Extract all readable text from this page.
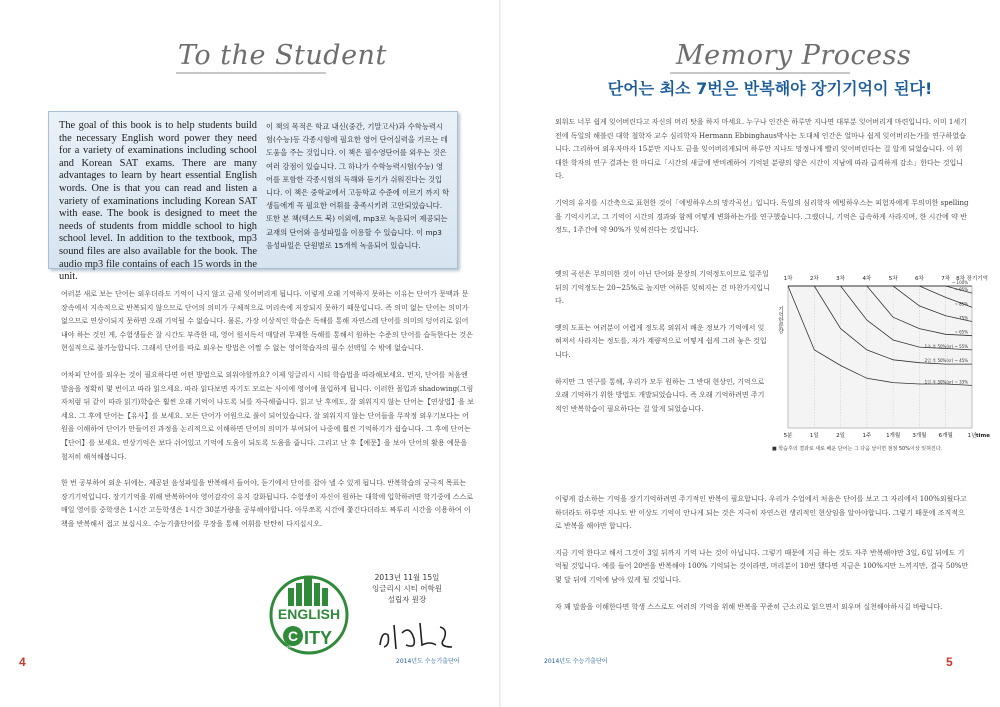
To the Student
The goal of this book is to help students build the necessary English word power they need for a variety of examinations including school and Korean SAT exams. There are many advantages to learn by heart essential English words. One is that you can read and listen a variety of examinations including Korean SAT with ease. The book is designed to meet the needs of students from middle school to high school level. In addition to the textbook, mp3 sound files are also available for the book. The audio mp3 file contains of each 15 words in the unit.
이 책의 목적은 학교 내신(중간, 기말고사)과 수학능력시험(수능)등 각종시험에 필요한 영어 단어실력을 기르는 데 도움을 주는 것입니다. 이 책은 필수영단어를 외우는 것은 여러 강점이 있습니다. 그 하나가 수학능력시험(수능) 영어를 포함한 각종시험의 독해와 듣기가 쉬워진다는 것입니다. 이 책은 중학교에서 고등학교 수준에 이르기 까지 학생들에게 꼭 필요한 어휘를 충족시키려 고안되었습니다. 또한 본 책(텍스트 북) 이외에, mp3로 녹음되어 제공되는 교재의 단어와 음성파일을 이용할 수 있습니다. 이 mp3 음성파일은 단원별로 15개씩 녹음되어 있습니다.

여러분 새로 보는 단어는 외우더라도 기억이 나지 않고 금세 잊어버리게 됩니다. 이렇게 오래 기억하지 못하는 이유는 단어가 문맥과 문장속에서 지속적으로 반복되지 않으므로 단어의 의미가 구체적으로 머리속에 저장되지 못하기 때문입니다. 즉 의미 없는 단어는 의미가 없으므로 연상이되지 못하면 오래 기억될 수 없습니다. 물론, 가장 이상적인 학습은 독해를 통해 자연스레 단어를 의미의 덩어리로 읽어내야 하는 것인 게, 수험생들은 잘 시간도 부족한 데, 영어 원서독서 매달려 무제한 독해를 통해서 원하는 수준의 단어를 습득한다는 것은 현실적으로 불가능합니다. 그래서 단어를 따로 외우는 방법은 어쩔 수 없는 영어학습자의 필수 선택일 수 밖에 없습니다.

어차피 단어를 외우는 것이 필요하다면 어떤 방법으로 외워야할까요? 이제 잉글리시 시티 학습법을 따라해보세요. 먼저, 단어를 처음엔 발음을 정확히 몇 번이고 따라 읽으세요. 따라 읽다보면 자기도 모르는 사이에 영어에 몰입하게 됩니다. 이러한 몰입과 shadowing(그림자처럼 뒤 같이 따라 읽기)학습은 훨씬 오래 기억이 나도록 뇌를 자극해줍니다. 읽고 난 후에도, 잘 외워지지 않는 단어는【연상법】을 보세요. 그 후에 단어는【유사】를 보세요. 모든 단어가 어원으로 풀이 되어있습니다. 잘 외워지지 않는 단어들을 무작정 외우기보다는 어원을 이해하여 단어가 만들어진 과정을 논리적으로 이해하면 단어의 의미가 부여되어 나중에 훨씬 기억하기가 쉽습니다. 그 후에 단어는【단어】를 보세요. 연상기억은 보다 쉬어있고 기억에 도움이 되도록 도움을 줍니다. 그리고 난 후【예문】을 보아 단어의 활용 예문을 철저히 해석해봅니다.

한 번 공부하여 외운 뒤에는, 제공된 음성파일을 반복해서 들어야, 듣기에서 단어를 잡아 낼 수 있게 됩니다. 반복학습의 궁극적 목표는 장기기억입니다. 장기기억을 위해 반복하여야 영어감각이 유지 강화됩니다. 수험생이 자신이 원하는 대학에 입학하려면 학기중에 스스로 매일 영어를 중학생은 1시간 고등학생은 1시간 30분가량을 공부해야합니다. 아무쪼록 시간에 쫓긴다더라도 짜투리 시간을 이용하여 이 책을 반복해서 접고 보십시오. 수능기출단어를 무장을 통해 어휘를 탄탄히 다지십시오.

ENGLISH
C
SINCE 2005 ITY
2013년 11월 15일
잉글리시 시티 어학원
설립자 원장
4	2014년도 수능기출단어
Memory Process
단어는 최소 7번은 반복해야 장기기억이 된다!

외워도 너무 쉽게 잊어버린다고 자신의 머리 탓을 하지 마세요. 누구나 인간은 하루만 지나면 대부분 잊어버리게 마련입니다. 이미 1세기전에 독일의 해블린 대학 철학자 교수 심리학자 Hermann Ebbinghaus박사는 도대체 인간은 얼마나 쉽게 잊어버리는가를 연구하였습니다. 그리하여 외우자마자 15분만 지나도 금을 잊어버리게되며 하루만 지나도 망정나게 빨리 잊어버린다는 걸 알게 되었습니다. 이 위대한 학자의 연구 결과는 한 마디로「시간의 새글에 반비례하여 기억된 분량의 양은 시간이 지남에 따라 급격하게 감소」한다는 것입니다.

기억의 유지를 시간축으로 표현한 것이「에빙하우스의 망각곡선」입니다. 독일의 심리학자 에빙하우스는 피험자에게 무의미한 spelling을 기억시키고, 그 기억이 시간의 경과와 함께 어떻게 변화하는가를 연구했습니다. 그랬더니, 기억은 급속하게 사라지며, 한 시간에 약 반 정도, 1주간에 약 90%가 잊혀진다는 것입니다.

옛의 곡선은 무의미한 것이 아닌 단어와 문장의 기억정도이므로 일주일 뒤의 기억정도는 20~25%로 높지만 여하튼 잊혀지는 건 마찬가지입니다.

옛의 도표는 여러분이 어렵게 정도록 외워서 배운 정보가 기억에서 잊혀져서 사라지는 정도를, 자가 계량적으로 어떻게 쉽게 그려 놓은 것입니다.

하지만 그 연구를 통해, 우리가 모두 원하는 그 반대 현상인, 기억으로 오래 기억하기 위한 방법도 개발되었습니다. 즉 오래 기억하려면 주기적인 반복학습이 필요하다는 걸 알게 되었습니다.

1차	2차	3차	4차	5차	6차	7차 8차 장기기억
기억한분량
1일 후 50%(sr) ~ 33%
2일 후 50%(sr) ~ 45%
1주 후 50%(sr) ~ 55%
~ 65%
~ 75%
~ 85%
~ 95%
~ 100%
5분	1일	2일	1주	1개월 3개월 6개월	1년 time
■ 학습후의 결과로 새로 배운 단어는 그 다음 날이면 점점 50%이상 잊혀진다.

이렇게 감소하는 기억을 장기기억하려면 주기적인 반복이 필요합니다. 우리가 수업에서 처음은 단어를 보고 그 자리에서 100%외웠다고하더라도 하루만 지나도 반 이상도 기억이 안나게 되는 것은 지극히 자연스런 생리적인 현상임을 알아야합니다. 그렇기 때문에 조직적으로 반복을 해야만 합니다.

지금 기억 한다고 해서 그것이 3일 뒤까지 기억 나는 것이 아닙니다. 그렇기 때문에 지금 하는 것도 자주 반복해야만 3일, 6일 뒤에도 기억될 것입니다. 예를 들어 20번을 반복해야 100% 기억되는 것이라면, 머리분이 10번 했다면 지금은 100%지만 느끼지만, 결국 50%만 몇 달 뒤에 기억에 남아 있게 될 것입니다.

자 꽤 말씀을 이해한다면 학생 스스로도 여러의 기억을 위해 반복을 꾸준히 근소리로 읽으면서 외우며 실천해야하시길 바랍니다.

5
2014년도 수능기출단어
